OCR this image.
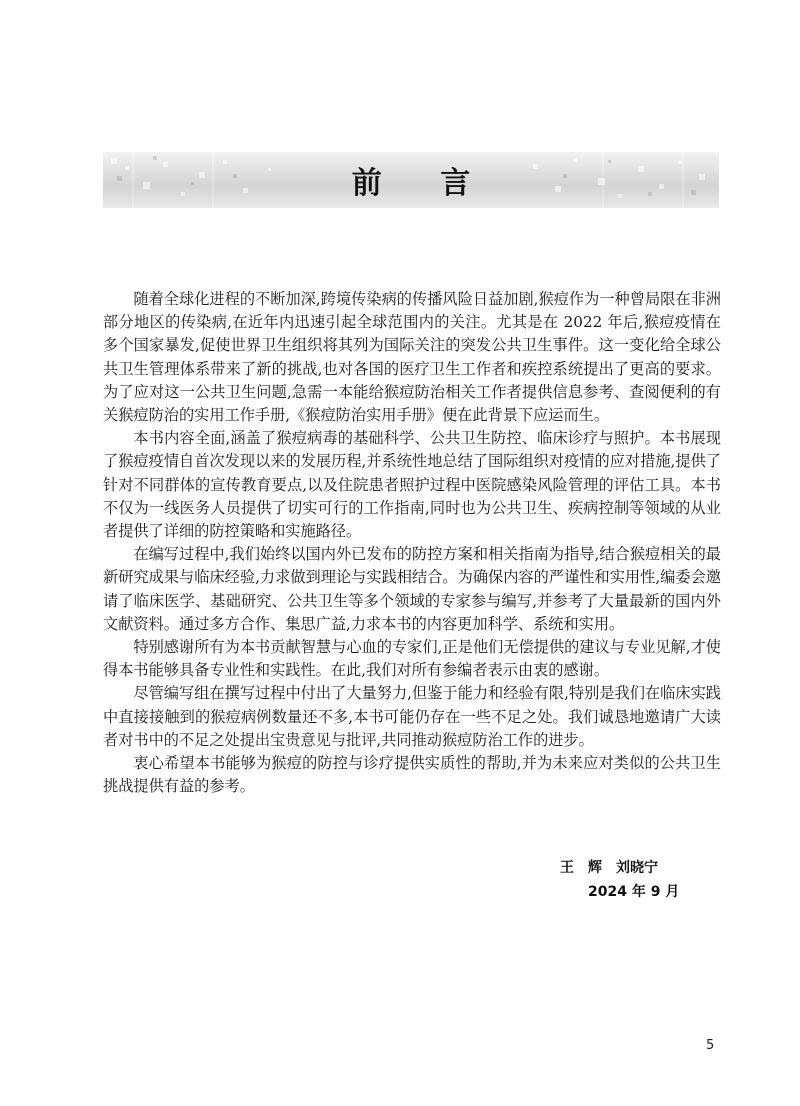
前 言

随着全球化进程的不断加深,跨境传染病的传播风险日益加剧,猴痘作为一种曾局限在非洲部分地区的传染病,在近年内迅速引起全球范围内的关注。尤其是在 2022 年后,猴痘疫情在多个国家暴发,促使世界卫生组织将其列为国际关注的突发公共卫生事件。这一变化给全球公共卫生管理体系带来了新的挑战,也对各国的医疗卫生工作者和疾控系统提出了更高的要求。为了应对这一公共卫生问题,急需一本能给猴痘防治相关工作者提供信息参考、查阅便利的有关猴痘防治的实用工作手册,《猴痘防治实用手册》便在此背景下应运而生。

本书内容全面,涵盖了猴痘病毒的基础科学、公共卫生防控、临床诊疗与照护。本书展现了猴痘疫情自首次发现以来的发展历程,并系统性地总结了国际组织对疫情的应对措施,提供了针对不同群体的宣传教育要点,以及住院患者照护过程中医院感染风险管理的评估工具。本书不仅为一线医务人员提供了切实可行的工作指南,同时也为公共卫生、疾病控制等领域的从业者提供了详细的防控策略和实施路径。

在编写过程中,我们始终以国内外已发布的防控方案和相关指南为指导,结合猴痘相关的最新研究成果与临床经验,力求做到理论与实践相结合。为确保内容的严谨性和实用性,编委会邀请了临床医学、基础研究、公共卫生等多个领域的专家参与编写,并参考了大量最新的国内外文献资料。通过多方合作、集思广益,力求本书的内容更加科学、系统和实用。

特别感谢所有为本书贡献智慧与心血的专家们,正是他们无偿提供的建议与专业见解,才使得本书能够具备专业性和实践性。在此,我们对所有参编者表示由衷的感谢。

尽管编写组在撰写过程中付出了大量努力,但鉴于能力和经验有限,特别是我们在临床实践中直接接触到的猴痘病例数量还不多,本书可能仍存在一些不足之处。我们诚恳地邀请广大读者对书中的不足之处提出宝贵意见与批评,共同推动猴痘防治工作的进步。

衷心希望本书能够为猴痘的防控与诊疗提供实质性的帮助,并为未来应对类似的公共卫生挑战提供有益的参考。

王　辉　刘晓宁
2024 年 9 月
5
